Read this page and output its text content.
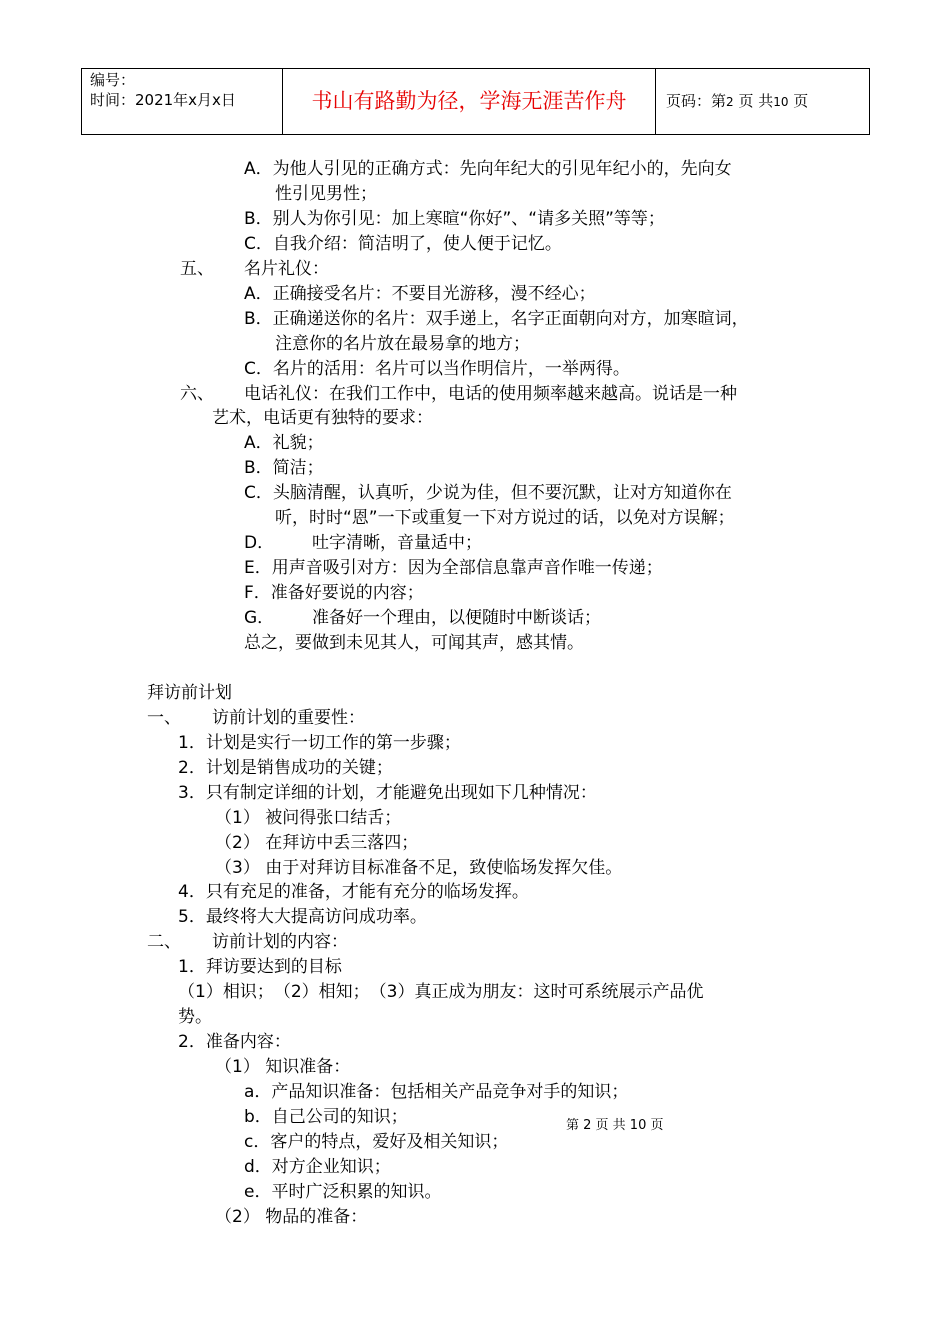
编号：
时间：2021年x月x日	书山有路勤为径，学海无涯苦作舟	页码：第2 页 共10 页
A．为他人引见的正确方式：先向年纪大的引见年纪小的，先向女
性引见男性；
B．别人为你引见：加上寒暄“你好”、“请多关照”等等；
C．自我介绍：简洁明了，使人便于记忆。
五、 名片礼仪：
A．正确接受名片：不要目光游移，漫不经心；
B．正确递送你的名片：双手递上，名字正面朝向对方，加寒暄词，
注意你的名片放在最易拿的地方；
C．名片的活用：名片可以当作明信片，一举两得。
六、 电话礼仪：在我们工作中，电话的使用频率越来越高。说话是一种
艺术，电话更有独特的要求：
A．礼貌；
B．简洁；
C．头脑清醒，认真听，少说为佳，但不要沉默，让对方知道你在
听，时时“恩”一下或重复一下对方说过的话，以免对方误解；
D． 吐字清晰，音量适中；
E．用声音吸引对方：因为全部信息靠声音作唯一传递；
F．准备好要说的内容；
G． 准备好一个理由，以便随时中断谈话；
总之，要做到未见其人，可闻其声，感其情。
拜访前计划
一、 访前计划的重要性：
1．计划是实行一切工作的第一步骤；
2．计划是销售成功的关键；
3．只有制定详细的计划，才能避免出现如下几种情况：
（1） 被问得张口结舌；
（2） 在拜访中丢三落四；
（3） 由于对拜访目标准备不足，致使临场发挥欠佳。
4．只有充足的准备，才能有充分的临场发挥。
5．最终将大大提高访问成功率。
二、 访前计划的内容：
1．拜访要达到的目标
（1）相识；　（2）相知；　（3）真正成为朋友：这时可系统展示产品优
势。
2．准备内容：
（1） 知识准备：
a．产品知识准备：包括相关产品竞争对手的知识；
b．自己公司的知识；
c．客户的特点，爱好及相关知识；
d．对方企业知识；
e．平时广泛积累的知识。
（2） 物品的准备：
第 2 页 共 10 页
